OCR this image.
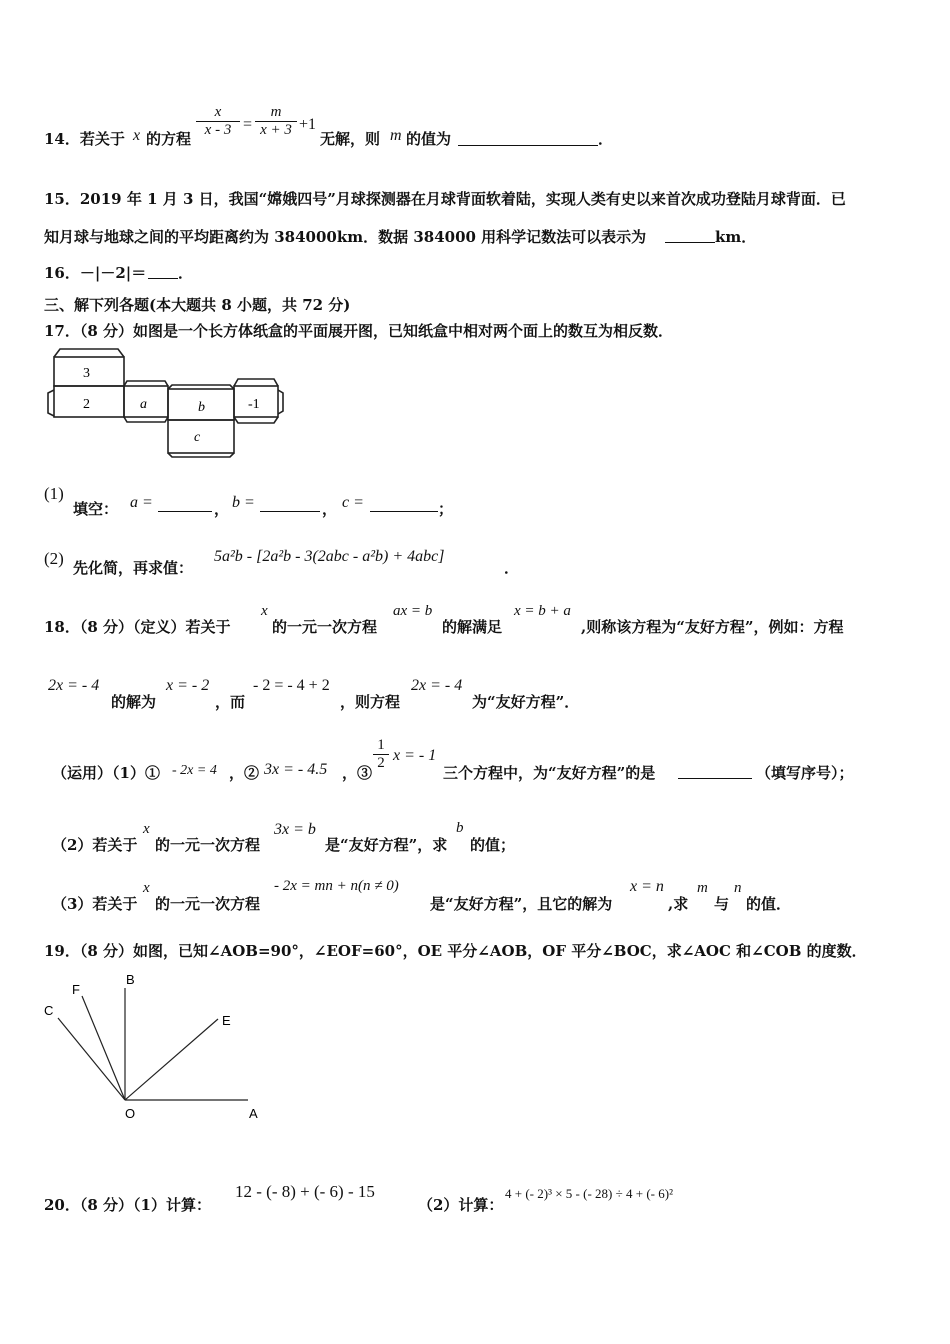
14．若关于 x 的方程 $\frac{x}{x - 3} = \frac{m}{x + 3} +1$
无解，则 m 的值为	．
15．2019 年 1 月 3 日，我国“嫦娥四号”月球探测器在月球背面软着陆，实现人类有史以来首次成功登陆月球背面．已
知月球与地球之间的平均距离约为 384000km．数据 384000 用科学记数法可以表示为	km．
16．－|－2|＝ ．
三、解下列各题(本大题共 8 小题，共 72 分)
17．（8 分）如图是一个长方体纸盒的平面展开图，已知纸盒中相对两个面上的数互为相反数．
3
2	a	b
c
-1
(1)
填空： a =	， b =	， c =	；
(2) 先化简，再求值：
5a²b - [2a²b - 3(2abc - a²b) + 4abc]
．
18．（8 分）（定义）若关于
x
的一元一次方程
ax = b
的解满足
x = b + a
,则称该方程为“友好方程”，例如：方程
2x = - 4
的解为
x = - 2
，而
- 2 = - 4 + 2
，则方程
2x = - 4
为“友好方程”．
（运用）（1）① - 2x = 4 ，② 3x = - 4.5 ，③
$\frac{1}{2}$ x = - 1
三个方程中，为“友好方程”的是	（填写序号）；
（2）若关于
x
的一元一次方程
3x = b
是“友好方程”，求
b
的值；
（3）若关于
x
的一元一次方程
- 2x = mn + n(n ≠ 0)
是“友好方程”，且它的解为
x = n
,求
m
与
n
的值．
19．（8 分）如图，已知∠AOB=90°，∠EOF=60°，OE 平分∠AOB，OF 平分∠BOC，求∠AOC 和∠COB 的度数．
B
F
C
E
O	A
20．（8 分）（1）计算：
12 - (- 8) + (- 6) - 15
（2）计算：
4 + (- 2)³ × 5 - (- 28) ÷ 4 + (- 6)²
